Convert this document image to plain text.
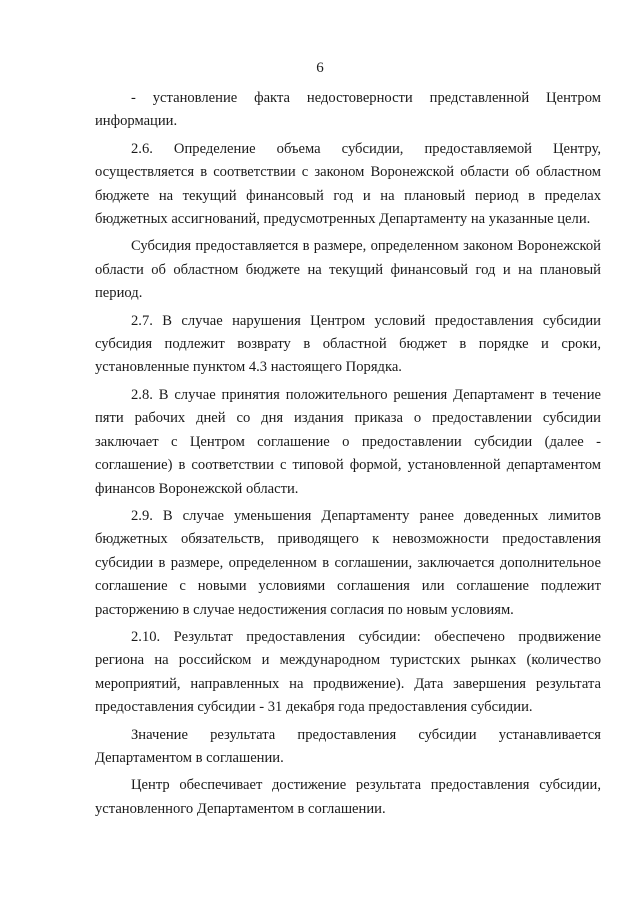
6

- установление факта недостоверности представленной Центром информации.

2.6. Определение объема субсидии, предоставляемой Центру, осуществляется в соответствии с законом Воронежской области об областном бюджете на текущий финансовый год и на плановый период в пределах бюджетных ассигнований, предусмотренных Департаменту на указанные цели.

Субсидия предоставляется в размере, определенном законом Воронежской области об областном бюджете на текущий финансовый год и на плановый период.

2.7. В случае нарушения Центром условий предоставления субсидии субсидия подлежит возврату в областной бюджет в порядке и сроки, установленные пунктом 4.3 настоящего Порядка.

2.8. В случае принятия положительного решения Департамент в течение пяти рабочих дней со дня издания приказа о предоставлении субсидии заключает с Центром соглашение о предоставлении субсидии (далее - соглашение) в соответствии с типовой формой, установленной департаментом финансов Воронежской области.

2.9. В случае уменьшения Департаменту ранее доведенных лимитов бюджетных обязательств, приводящего к невозможности предоставления субсидии в размере, определенном в соглашении, заключается дополнительное соглашение с новыми условиями соглашения или соглашение подлежит расторжению в случае недостижения согласия по новым условиям.

2.10. Результат предоставления субсидии: обеспечено продвижение региона на российском и международном туристских рынках (количество мероприятий, направленных на продвижение). Дата завершения результата предоставления субсидии - 31 декабря года предоставления субсидии.

Значение результата предоставления субсидии устанавливается Департаментом в соглашении.

Центр обеспечивает достижение результата предоставления субсидии, установленного Департаментом в соглашении.
